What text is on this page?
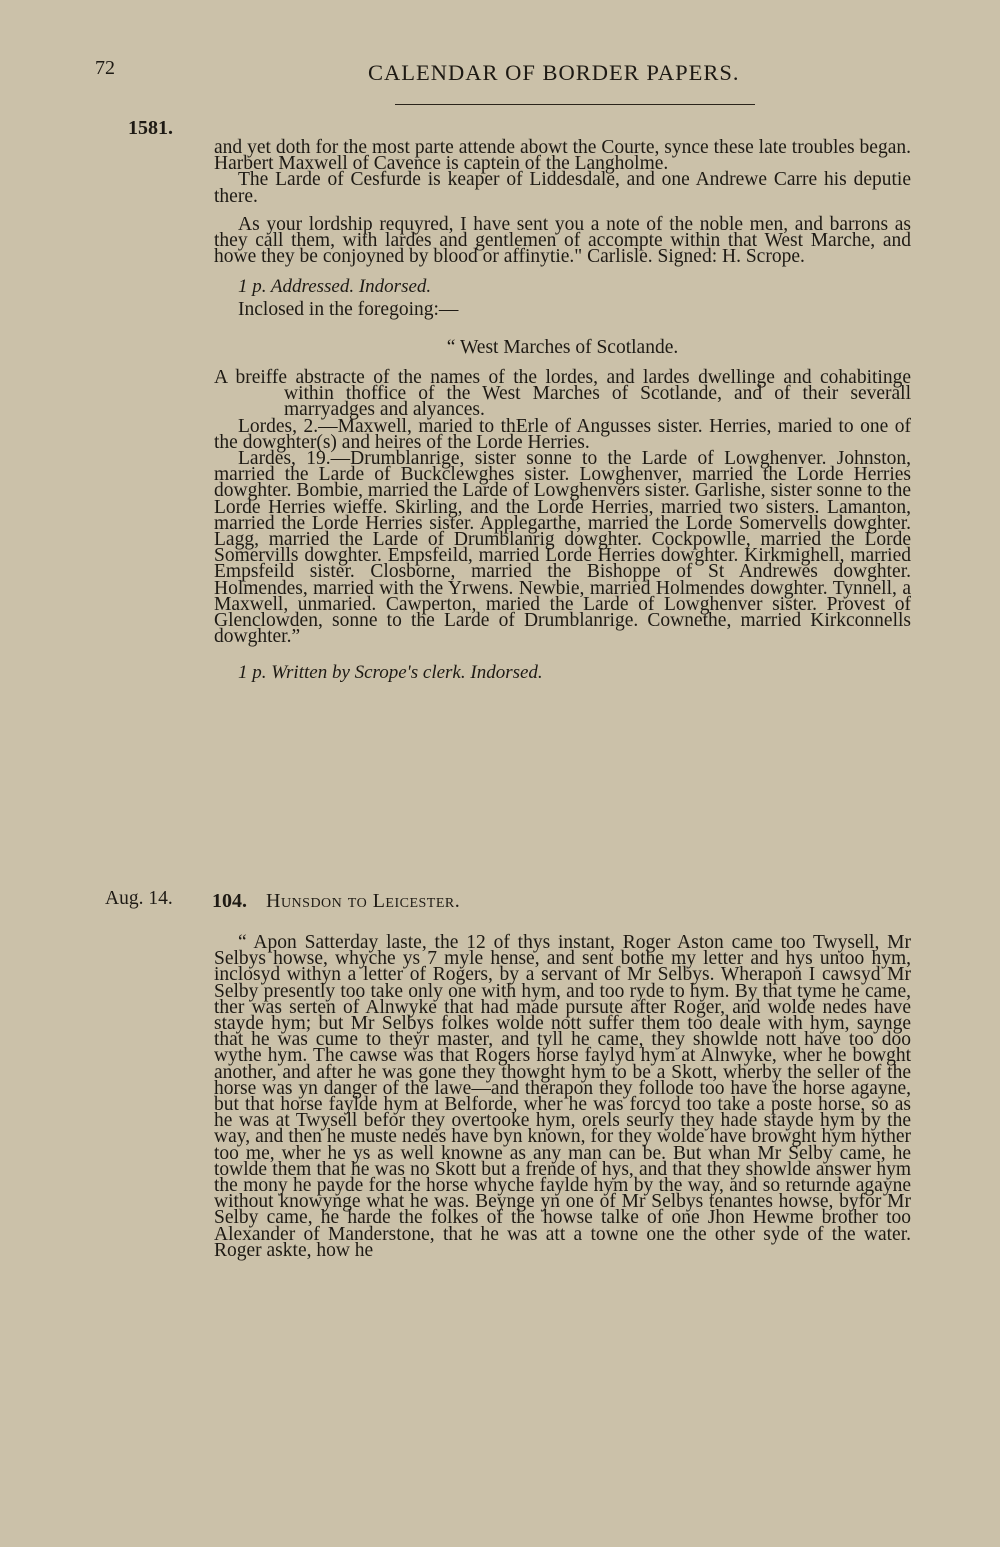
72	CALENDAR OF BORDER PAPERS.
1581.

and yet doth for the most parte attende abowt the Courte, synce these late troubles began. Harbert Maxwell of Cavence is captein of the Langholme.

The Larde of Cesfurde is keaper of Liddesdale, and one Andrewe Carre his deputie there.

As your lordship requyred, I have sent you a note of the noble men, and barrons as they call them, with lardes and gentlemen of accompte within that West Marche, and howe they be conjoyned by blood or affinytie." Carlisle. Signed: H. Scrope.

1 p. Addressed. Indorsed.

Inclosed in the foregoing:—

“ West Marches of Scotlande.

A breiffe abstracte of the names of the lordes, and lardes dwellinge and cohabitinge within thoffice of the West Marches of Scotlande, and of their severall marryadges and alyances.

Lordes, 2.—Maxwell, maried to thErle of Angusses sister. Herries, maried to one of the dowghter(s) and heires of the Lorde Herries.

Lardes, 19.—Drumblanrige, sister sonne to the Larde of Lowghenver. Johnston, married the Larde of Buckclewghes sister. Lowghenver, married the Lorde Herries dowghter. Bombie, married the Larde of Lowghenvers sister. Garlishe, sister sonne to the Lorde Herries wieffe. Skirling, and the Lorde Herries, married two sisters. Lamanton, married the Lorde Herries sister. Applegarthe, married the Lorde Somervells dowghter. Lagg, married the Larde of Drumblanrig dowghter. Cockpowlle, married the Lorde Somervills dowghter. Empsfeild, married Lorde Herries dowghter. Kirkmighell, married Empsfeild sister. Closborne, married the Bishoppe of St Andrewes dowghter. Holmendes, married with the Yrwens. Newbie, married Holmendes dowghter. Tynnell, a Maxwell, unmaried. Cawperton, maried the Larde of Lowghenver sister. Provest of Glenclowden, sonne to the Larde of Drumblanrige. Cownethe, married Kirkconnells dowghter.”

1 p. Written by Scrope's clerk. Indorsed.

Aug. 14. 104. Hunsdon to Leicester.

“ Apon Satterday laste, the 12 of thys instant, Roger Aston came too Twysell, Mr Selbys howse, whyche ys 7 myle hense, and sent bothe my letter and hys untoo hym, inclosyd withyn a letter of Rogers, by a servant of Mr Selbys. Wherapon I cawsyd Mr Selby presently too take only one with hym, and too ryde to hym. By that tyme he came, ther was serten of Alnwyke that had made pursute after Roger, and wolde nedes have stayde hym; but Mr Selbys folkes wolde nott suffer them too deale with hym, saynge that he was cume to theyr master, and tyll he came, they showlde nott have too doo wythe hym. The cawse was that Rogers horse faylyd hym at Alnwyke, wher he bowght another, and after he was gone they thowght hym to be a Skott, wherby the seller of the horse was yn danger of the lawe—and therapon they follode too have the horse agayne, but that horse faylde hym at Belforde, wher he was forcyd too take a poste horse, so as he was at Twysell befor they overtooke hym, orels seurly they hade stayde hym by the way, and then he muste nedes have byn known, for they wolde have browght hym hyther too me, wher he ys as well knowne as any man can be. But whan Mr Selby came, he towlde them that he was no Skott but a frende of hys, and that they showlde answer hym the mony he payde for the horse whyche faylde hym by the way, and so returnde agayne without knowynge what he was. Beynge yn one of Mr Selbys tenantes howse, byfor Mr Selby came, he harde the folkes of the howse talke of one Jhon Hewme brother too Alexander of Manderstone, that he was att a towne one the other syde of the water. Roger askte, how he
